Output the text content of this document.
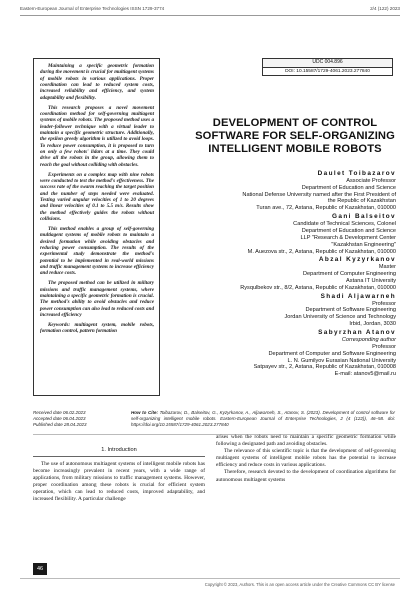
Eastern-European Journal of Enterprise Technologies ISSN 1729-3774	2/4 (122) 2023

Maintaining a specific geometric formation during the movement is crucial for multiagent systems of mobile robots in various applications. Proper coordination can lead to reduced system costs, increased reliability and efficiency, and system adaptability and flexibility.

This research proposes a novel movement coordination method for self-governing multiagent systems of mobile robots. The proposed method uses a leader-follower technique with a virtual leader to maintain a specific geometric structure. Additionally, the epsilon greedy algorithm is utilized to avoid loops. To reduce power consumption, it is proposed to turn on only a few robots' lidars at a time. They could drive all the robots in the group, allowing them to reach the goal without colliding with obstacles.

Experiments on a complex map with nine robots were conducted to test the method's effectiveness. The success rate of the swarm reaching the target position and the number of steps needed were evaluated. Testing varied angular velocities of 1 to 20 degrees and linear velocities of 0.1 to 5.5 m/s. Results show the method effectively guides the robots without collisions.

This method enables a group of self-governing multiagent systems of mobile robots to maintain a desired formation while avoiding obstacles and reducing power consumption. The results of the experimental study demonstrate the method's potential to be implemented in real-world missions and traffic management systems to increase efficiency and reduce costs.

The proposed method can be utilized in military missions and traffic management systems, where maintaining a specific geometric formation is crucial. The method's ability to avoid obstacles and reduce power consumption can also lead to reduced costs and increased efficiency

Keywords: multiagent system, mobile robots, formation control, pattern formation

UDC 004.896
DOI: 10.15587/1729-4061.2023.277840
DEVELOPMENT OF CONTROL SOFTWARE FOR SELF-ORGANIZING INTELLIGENT MOBILE ROBOTS
Daulet Toibazarov
Associate Professor
Department of Education and Science
National Defense University named after the First President of
the Republic of Kazakhstan
Turan ave., 72, Astana, Republic of Kazakhstan, 010000
Gani Balseitov
Candidate of Technical Sciences, Colonel
Department of Education and Science
LLP "Research & Development Center
"Kazakhstan Engineering"
M. Auezova str., 2, Astana, Republic of Kazakhstan, 010000
Abzal Kyzyrkanov
Master
Department of Computer Engineering
Astana IT University
Rysqulbekov str., 8/2, Astana, Republic of Kazakhstan, 010000
Shadi Aljawarneh
Professor
Department of Software Engineering
Jordan University of Science and Technology
Irbid, Jordan, 3030
Sabyrzhan Atanov
Corresponding author
Professor
Department of Computer and Software Engineering
L. N. Gumilyov Eurasian National University
Satpayev str., 2, Astana, Republic of Kazakhstan, 010008
E-mail: atanov5@mail.ru
Received date 06.02.2023
Accepted date 06.04.2023
Published date 28.04.2023
How to Cite: Toibazarov, D., Balseitov, G., Kyzyrkanov, A., Aljawarneh, S., Atanov, S. (2023). Development of control software for self-organizing intelligent mobile robots. Eastern-European Journal of Enterprise Technologies, 2 (4 (122)), 46–58. doi: https://doi.org/10.15587/1729-4061.2023.277840
1. Introduction

The use of autonomous multiagent systems of intelligent mobile robots has become increasingly prevalent in recent years, with a wide range of applications, from military missions to traffic management systems. However, proper coordination among these robots is crucial for efficient system operation, which can lead to reduced costs, improved adaptability, and increased flexibility. A particular challenge

arises when the robots need to maintain a specific geometric formation while following a designated path and avoiding obstacles.

The relevance of this scientific topic is that the development of self-governing multiagent systems of intelligent mobile robots has the potential to increase efficiency and reduce costs in various applications.

Therefore, research devoted to the development of coordination algorithms for autonomous multiagent systems

46
Copyright © 2023, Authors. This is an open access article under the Creative Commons CC BY license
